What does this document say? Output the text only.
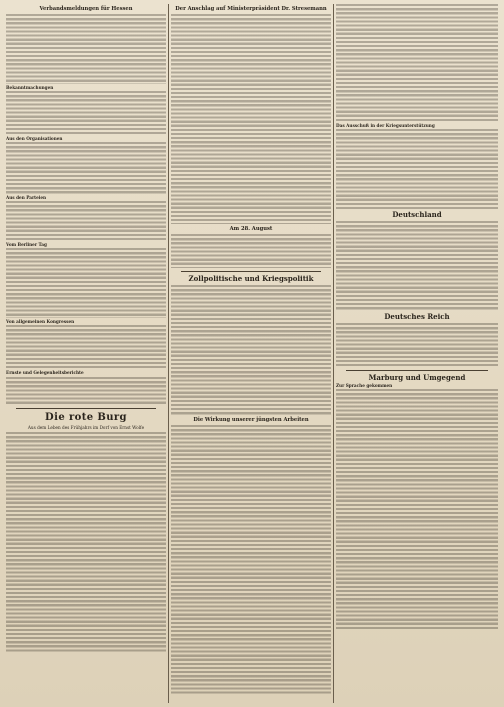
Verbandsmeldungen für Hessen
Bekanntmachungen
Aus den Organisationen
Aus den Parteien
Vom Berliner Tag
Von allgemeinen Kongressen
Ernste und Gelegenheitsberichte
Die rote Burg
Aus dem Leben des Frühjahrs im Dorf von Ernst Wolfe
Der Anschlag auf Ministerpräsident Dr. Stresemann
Am 28. August
Zollpolitische und Kriegspolitik
Die Wirkung unserer jüngsten Arbeiten
Das Ausschuß in der Kriegsunterstützung
Deutschland
Deutsches Reich
Marburg und Umgegend
Zur Sprache gekommen
